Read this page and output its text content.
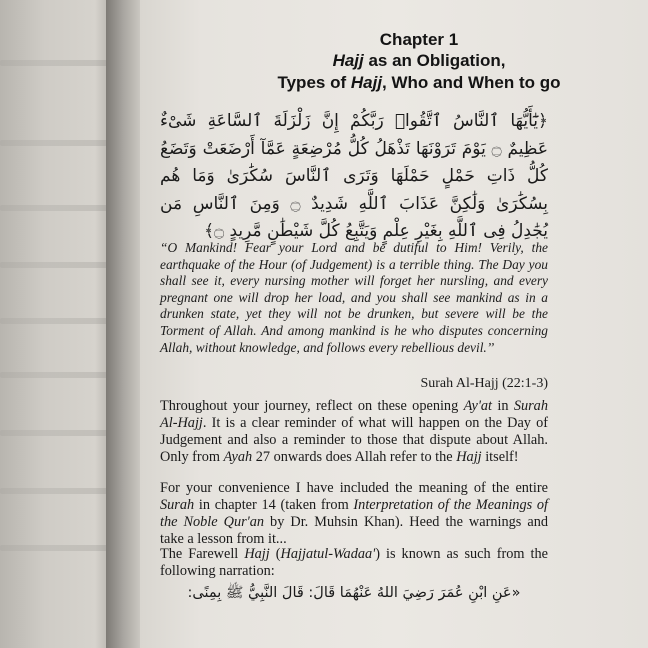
Chapter 1
Hajj as an Obligation,
Types of Hajj, Who and When to go
﴿يَٰٓأَيُّهَا ٱلنَّاسُ ٱتَّقُوا۟ رَبَّكُمْ إِنَّ زَلْزَلَةَ ٱلسَّاعَةِ شَىْءٌ عَظِيمٌ ۝ يَوْمَ تَرَوْنَهَا تَذْهَلُ كُلُّ مُرْضِعَةٍ عَمَّآ أَرْضَعَتْ وَتَضَعُ كُلُّ ذَاتِ حَمْلٍ حَمْلَهَا وَتَرَى ٱلنَّاسَ سُكَٰرَىٰ وَمَا هُم بِسُكَٰرَىٰ وَلَٰكِنَّ عَذَابَ ٱللَّهِ شَدِيدٌ ۝ وَمِنَ ٱلنَّاسِ مَن يُجَٰدِلُ فِى ٱللَّهِ بِغَيْرِ عِلْمٍ وَيَتَّبِعُ كُلَّ شَيْطَٰنٍ مَّرِيدٍ ۝﴾
“O Mankind! Fear your Lord and be dutiful to Him! Verily, the earthquake of the Hour (of Judgement) is a terrible thing. The Day you shall see it, every nursing mother will forget her nursling, and every pregnant one will drop her load, and you shall see mankind as in a drunken state, yet they will not be drunken, but severe will be the Torment of Allah. And among mankind is he who disputes concerning Allah, without knowledge, and follows every rebellious devil.’’
Surah Al-Hajj (22:1-3)
Throughout your journey, reflect on these opening Ay'at in Surah Al-Hajj. It is a clear reminder of what will happen on the Day of Judgement and also a reminder to those that dispute about Allah. Only from Ayah 27 onwards does Allah refer to the Hajj itself!
For your convenience I have included the meaning of the entire Surah in chapter 14 (taken from Interpretation of the Meanings of the Noble Qur'an by Dr. Muhsin Khan). Heed the warnings and take a lesson from it...
The Farewell Hajj (Hajjatul-Wadaa') is known as such from the following narration:
«عَنِ ابْنِ عُمَرَ رَضِيَ اللهُ عَنْهُمَا قَالَ: قَالَ النَّبِيُّ ﷺ بِمِنًى:
